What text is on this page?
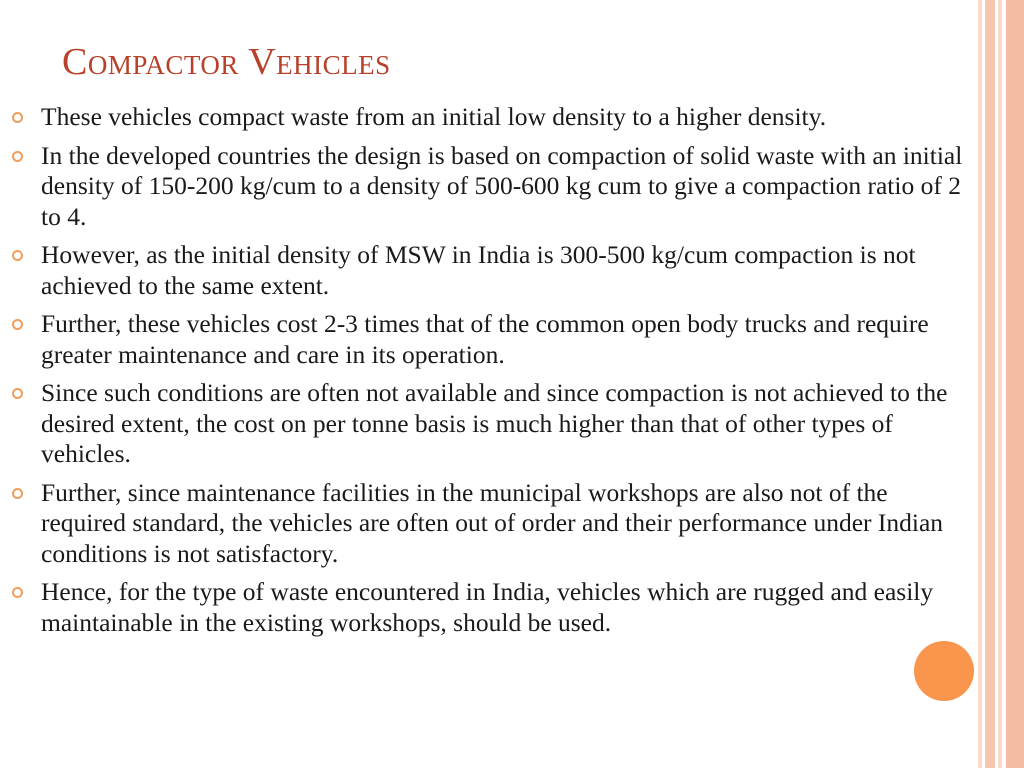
Compactor Vehicles
These vehicles compact waste from an initial low density to a higher density.
In the developed countries the design is based on compaction of solid waste with an initial density of 150-200 kg/cum to a density of 500-600 kg cum to give a compaction ratio of 2 to 4.
However, as the initial density of MSW in India is 300-500 kg/cum compaction is not achieved to the same extent.
Further, these vehicles cost 2-3 times that of the common open body trucks and require greater maintenance and care in its operation.
Since such conditions are often not available and since compaction is not achieved to the desired extent, the cost on per tonne basis is much higher than that of other types of vehicles.
Further, since maintenance facilities in the municipal workshops are also not of the required standard, the vehicles are often out of order and their performance under Indian conditions is not satisfactory.
Hence, for the type of waste encountered in India, vehicles which are rugged and easily maintainable in the existing workshops, should be used.
